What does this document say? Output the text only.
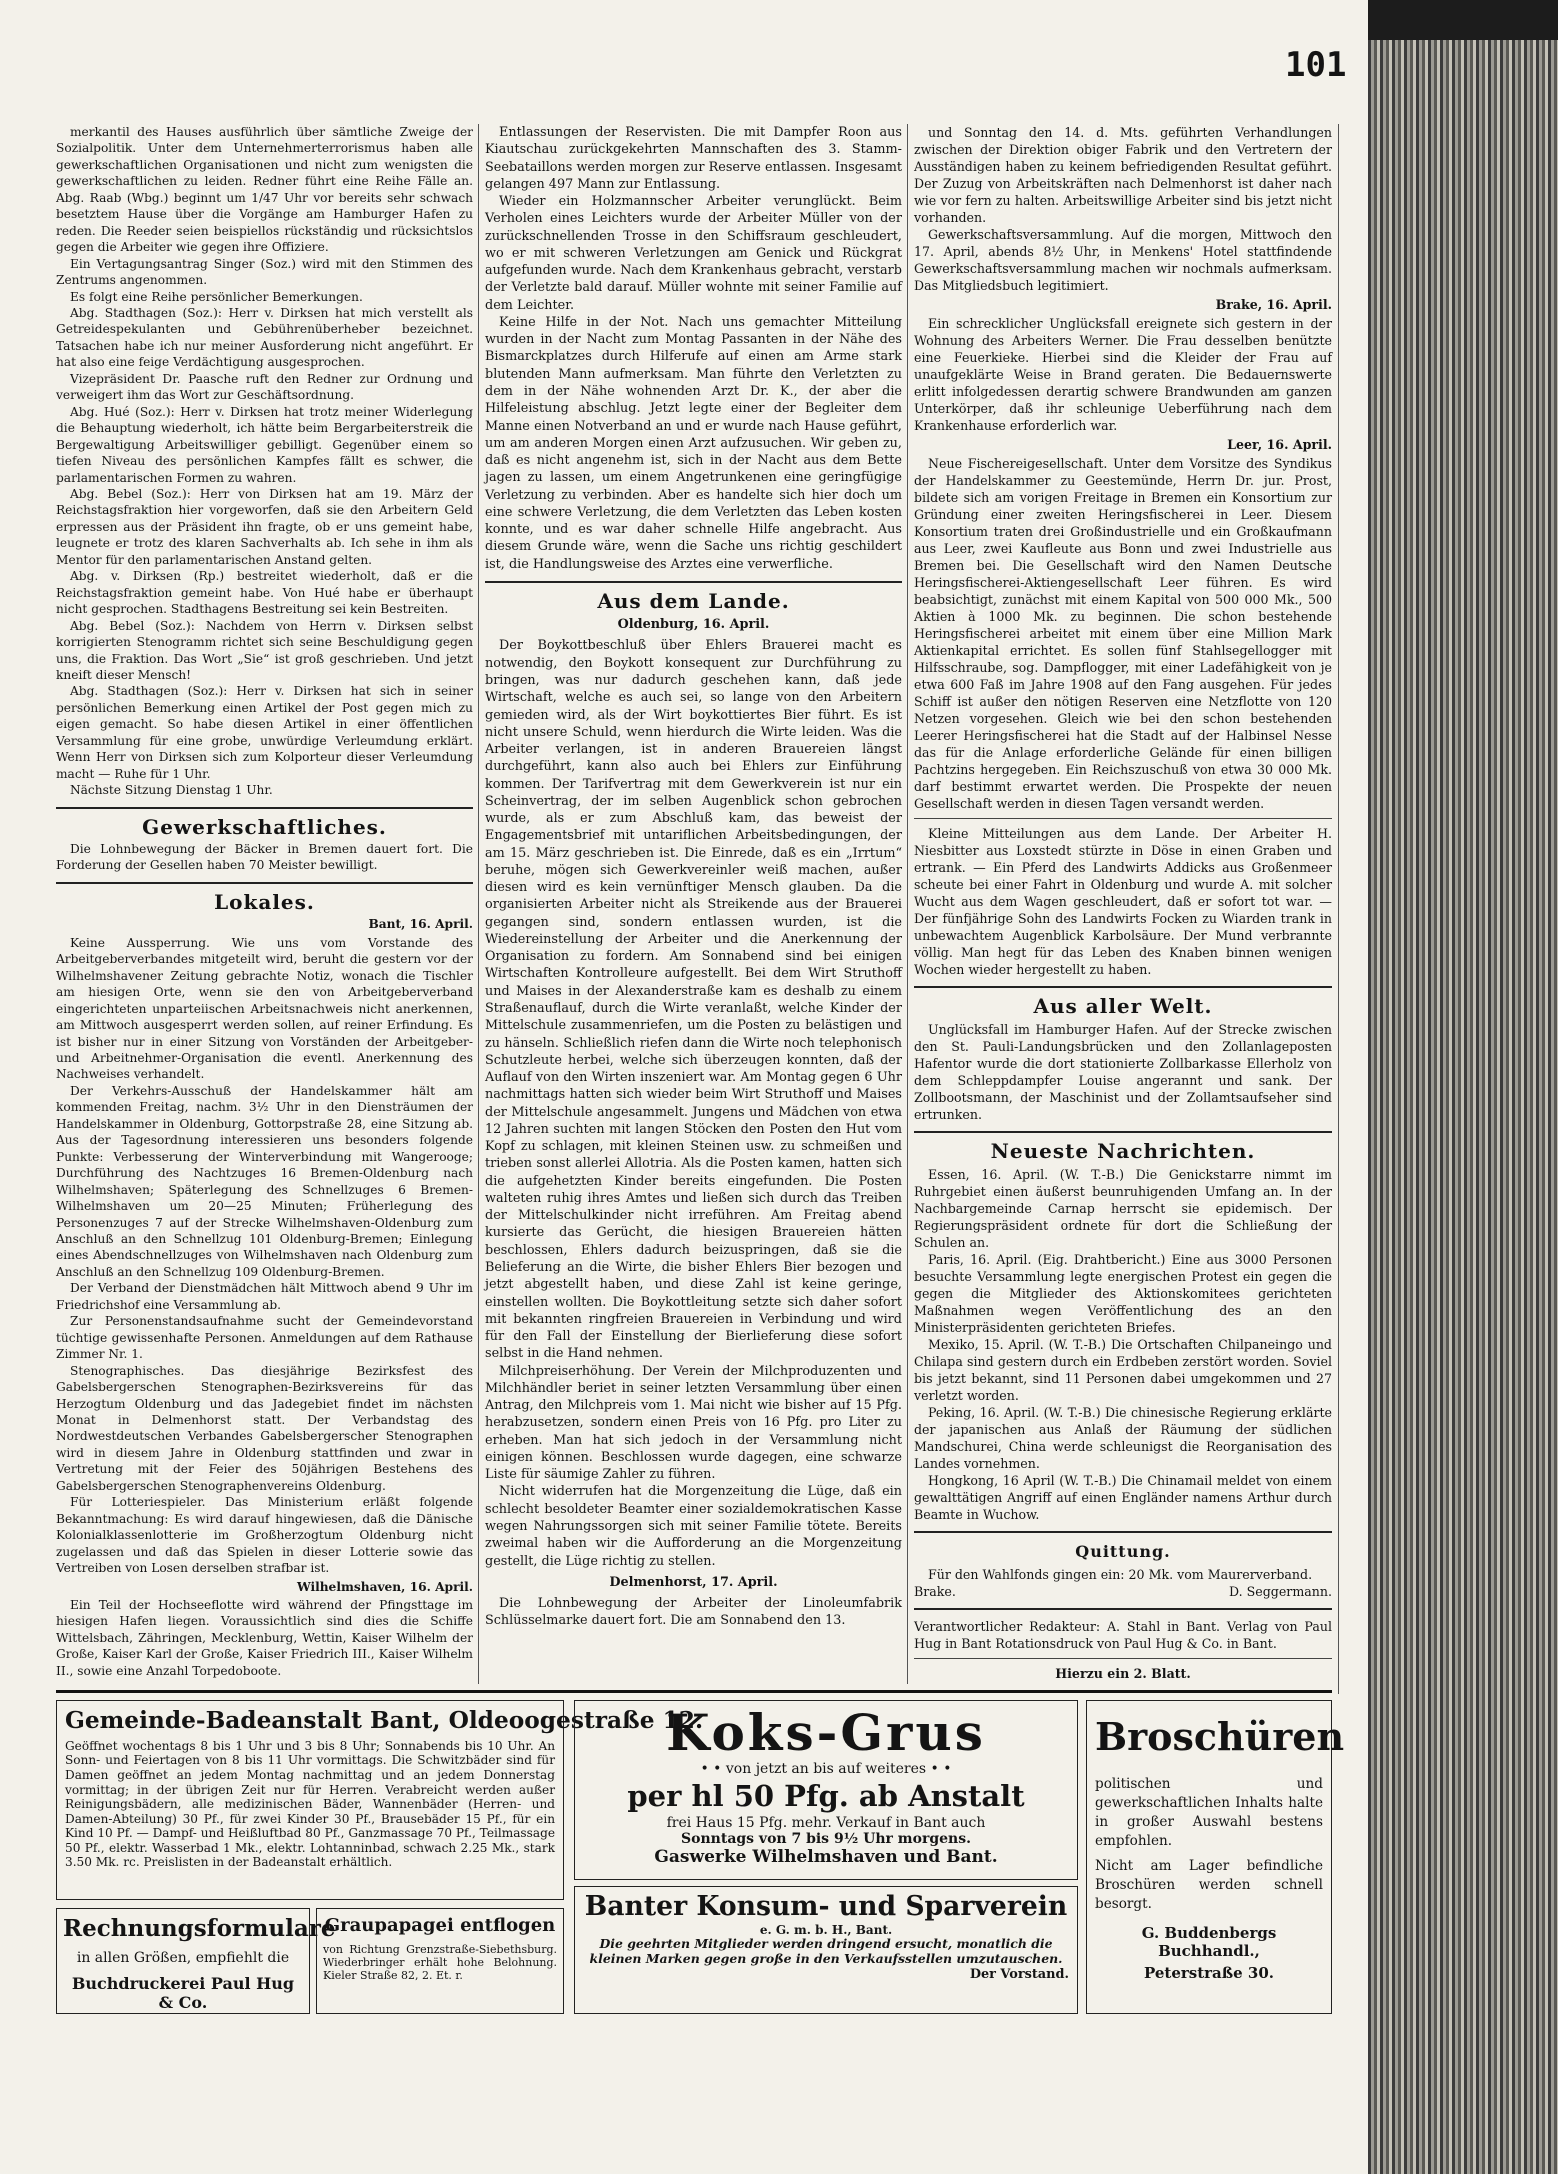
101

merkantil des Hauses ausführlich über sämtliche Zweige der Sozialpolitik. Unter dem Unternehmerterrorismus haben alle gewerkschaftlichen Organisationen und nicht zum wenigsten die gewerkschaftlichen zu leiden. Redner führt eine Reihe Fälle an. Abg. Raab (Wbg.) beginnt um 1/47 Uhr vor bereits sehr schwach besetztem Hause über die Vorgänge am Hamburger Hafen zu reden. Die Reeder seien beispiellos rückständig und rücksichtslos gegen die Arbeiter wie gegen ihre Offiziere.

Ein Vertagungsantrag Singer (Soz.) wird mit den Stimmen des Zentrums angenommen.

Es folgt eine Reihe persönlicher Bemerkungen.

Abg. Stadthagen (Soz.): Herr v. Dirksen hat mich verstellt als Getreidespekulanten und Gebührenüberheber bezeichnet. Tatsachen habe ich nur meiner Ausforderung nicht angeführt. Er hat also eine feige Verdächtigung ausgesprochen.

Vizepräsident Dr. Paasche ruft den Redner zur Ordnung und verweigert ihm das Wort zur Geschäftsordnung.

Abg. Hué (Soz.): Herr v. Dirksen hat trotz meiner Widerlegung die Behauptung wiederholt, ich hätte beim Bergarbeiterstreik die Bergewaltigung Arbeitswilliger gebilligt. Gegenüber einem so tiefen Niveau des persönlichen Kampfes fällt es schwer, die parlamentarischen Formen zu wahren.

Abg. Bebel (Soz.): Herr von Dirksen hat am 19. März der Reichstagsfraktion hier vorgeworfen, daß sie den Arbeitern Geld erpressen aus der Präsident ihn fragte, ob er uns gemeint habe, leugnete er trotz des klaren Sachverhalts ab. Ich sehe in ihm als Mentor für den parlamentarischen Anstand gelten.

Abg. v. Dirksen (Rp.) bestreitet wiederholt, daß er die Reichstagsfraktion gemeint habe. Von Hué habe er überhaupt nicht gesprochen. Stadthagens Bestreitung sei kein Bestreiten.

Abg. Bebel (Soz.): Nachdem von Herrn v. Dirksen selbst korrigierten Stenogramm richtet sich seine Beschuldigung gegen uns, die Fraktion. Das Wort „Sie“ ist groß geschrieben. Und jetzt kneift dieser Mensch!

Abg. Stadthagen (Soz.): Herr v. Dirksen hat sich in seiner persönlichen Bemerkung einen Artikel der Post gegen mich zu eigen gemacht. So habe diesen Artikel in einer öffentlichen Versammlung für eine grobe, unwürdige Verleumdung erklärt. Wenn Herr von Dirksen sich zum Kolporteur dieser Verleumdung macht — Ruhe für 1 Uhr.

Nächste Sitzung Dienstag 1 Uhr.

Gewerkschaftliches.

Die Lohnbewegung der Bäcker in Bremen dauert fort. Die Forderung der Gesellen haben 70 Meister bewilligt.

Lokales.
Bant, 16. April.

Keine Aussperrung. Wie uns vom Vorstande des Arbeitgeberverbandes mitgeteilt wird, beruht die gestern vor der Wilhelmshavener Zeitung gebrachte Notiz, wonach die Tischler am hiesigen Orte, wenn sie den von Arbeitgeberverband eingerichteten unparteiischen Arbeitsnachweis nicht anerkennen, am Mittwoch ausgesperrt werden sollen, auf reiner Erfindung. Es ist bisher nur in einer Sitzung von Vorständen der Arbeitgeber- und Arbeitnehmer-Organisation die eventl. Anerkennung des Nachweises verhandelt.

Der Verkehrs-Ausschuß der Handelskammer hält am kommenden Freitag, nachm. 3½ Uhr in den Diensträumen der Handelskammer in Oldenburg, Gottorpstraße 28, eine Sitzung ab. Aus der Tagesordnung interessieren uns besonders folgende Punkte: Verbesserung der Winterverbindung mit Wangerooge; Durchführung des Nachtzuges 16 Bremen-Oldenburg nach Wilhelmshaven; Späterlegung des Schnellzuges 6 Bremen-Wilhelmshaven um 20—25 Minuten; Früherlegung des Personenzuges 7 auf der Strecke Wilhelmshaven-Oldenburg zum Anschluß an den Schnellzug 101 Oldenburg-Bremen; Einlegung eines Abendschnellzuges von Wilhelmshaven nach Oldenburg zum Anschluß an den Schnellzug 109 Oldenburg-Bremen.

Der Verband der Dienstmädchen hält Mittwoch abend 9 Uhr im Friedrichshof eine Versammlung ab.

Zur Personenstandsaufnahme sucht der Gemeindevorstand tüchtige gewissenhafte Personen. Anmeldungen auf dem Rathause Zimmer Nr. 1.

Stenographisches. Das diesjährige Bezirksfest des Gabelsbergerschen Stenographen-Bezirksvereins für das Herzogtum Oldenburg und das Jadegebiet findet im nächsten Monat in Delmenhorst statt. Der Verbandstag des Nordwestdeutschen Verbandes Gabelsbergerscher Stenographen wird in diesem Jahre in Oldenburg stattfinden und zwar in Vertretung mit der Feier des 50jährigen Bestehens des Gabelsbergerschen Stenographenvereins Oldenburg.

Für Lotteriespieler. Das Ministerium erläßt folgende Bekanntmachung: Es wird darauf hingewiesen, daß die Dänische Kolonialklassenlotterie im Großherzogtum Oldenburg nicht zugelassen und daß das Spielen in dieser Lotterie sowie das Vertreiben von Losen derselben strafbar ist.

Wilhelmshaven, 16. April.

Ein Teil der Hochseeflotte wird während der Pfingsttage im hiesigen Hafen liegen. Voraussichtlich sind dies die Schiffe Wittelsbach, Zähringen, Mecklenburg, Wettin, Kaiser Wilhelm der Große, Kaiser Karl der Große, Kaiser Friedrich III., Kaiser Wilhelm II., sowie eine Anzahl Torpedoboote.

Entlassungen der Reservisten. Die mit Dampfer Roon aus Kiautschau zurückgekehrten Mannschaften des 3. Stamm-Seebataillons werden morgen zur Reserve entlassen. Insgesamt gelangen 497 Mann zur Entlassung.

Wieder ein Holzmannscher Arbeiter verunglückt. Beim Verholen eines Leichters wurde der Arbeiter Müller von der zurückschnellenden Trosse in den Schiffsraum geschleudert, wo er mit schweren Verletzungen am Genick und Rückgrat aufgefunden wurde. Nach dem Krankenhaus gebracht, verstarb der Verletzte bald darauf. Müller wohnte mit seiner Familie auf dem Leichter.

Keine Hilfe in der Not. Nach uns gemachter Mitteilung wurden in der Nacht zum Montag Passanten in der Nähe des Bismarckplatzes durch Hilferufe auf einen am Arme stark blutenden Mann aufmerksam. Man führte den Verletzten zu dem in der Nähe wohnenden Arzt Dr. K., der aber die Hilfeleistung abschlug. Jetzt legte einer der Begleiter dem Manne einen Notverband an und er wurde nach Hause geführt, um am anderen Morgen einen Arzt aufzusuchen. Wir geben zu, daß es nicht angenehm ist, sich in der Nacht aus dem Bette jagen zu lassen, um einem Angetrunkenen eine geringfügige Verletzung zu verbinden. Aber es handelte sich hier doch um eine schwere Verletzung, die dem Verletzten das Leben kosten konnte, und es war daher schnelle Hilfe angebracht. Aus diesem Grunde wäre, wenn die Sache uns richtig geschildert ist, die Handlungsweise des Arztes eine verwerfliche.

Aus dem Lande.
Oldenburg, 16. April.

Der Boykottbeschluß über Ehlers Brauerei macht es notwendig, den Boykott konsequent zur Durchführung zu bringen, was nur dadurch geschehen kann, daß jede Wirtschaft, welche es auch sei, so lange von den Arbeitern gemieden wird, als der Wirt boykottiertes Bier führt. Es ist nicht unsere Schuld, wenn hierdurch die Wirte leiden. Was die Arbeiter verlangen, ist in anderen Brauereien längst durchgeführt, kann also auch bei Ehlers zur Einführung kommen. Der Tarifvertrag mit dem Gewerkverein ist nur ein Scheinvertrag, der im selben Augenblick schon gebrochen wurde, als er zum Abschluß kam, das beweist der Engagementsbrief mit untariflichen Arbeitsbedingungen, der am 15. März geschrieben ist. Die Einrede, daß es ein „Irrtum“ beruhe, mögen sich Gewerkvereinler weiß machen, außer diesen wird es kein vernünftiger Mensch glauben. Da die organisierten Arbeiter nicht als Streikende aus der Brauerei gegangen sind, sondern entlassen wurden, ist die Wiedereinstellung der Arbeiter und die Anerkennung der Organisation zu fordern. Am Sonnabend sind bei einigen Wirtschaften Kontrolleure aufgestellt. Bei dem Wirt Struthoff und Maises in der Alexanderstraße kam es deshalb zu einem Straßenauflauf, durch die Wirte veranlaßt, welche Kinder der Mittelschule zusammenriefen, um die Posten zu belästigen und zu hänseln. Schließlich riefen dann die Wirte noch telephonisch Schutzleute herbei, welche sich überzeugen konnten, daß der Auflauf von den Wirten inszeniert war. Am Montag gegen 6 Uhr nachmittags hatten sich wieder beim Wirt Struthoff und Maises der Mittelschule angesammelt. Jungens und Mädchen von etwa 12 Jahren suchten mit langen Stöcken den Posten den Hut vom Kopf zu schlagen, mit kleinen Steinen usw. zu schmeißen und trieben sonst allerlei Allotria. Als die Posten kamen, hatten sich die aufgehetzten Kinder bereits eingefunden. Die Posten walteten ruhig ihres Amtes und ließen sich durch das Treiben der Mittelschulkinder nicht irreführen. Am Freitag abend kursierte das Gerücht, die hiesigen Brauereien hätten beschlossen, Ehlers dadurch beizuspringen, daß sie die Belieferung an die Wirte, die bisher Ehlers Bier bezogen und jetzt abgestellt haben, und diese Zahl ist keine geringe, einstellen wollten. Die Boykottleitung setzte sich daher sofort mit bekannten ringfreien Brauereien in Verbindung und wird für den Fall der Einstellung der Bierlieferung diese sofort selbst in die Hand nehmen.

Milchpreiserhöhung. Der Verein der Milchproduzenten und Milchhändler beriet in seiner letzten Versammlung über einen Antrag, den Milchpreis vom 1. Mai nicht wie bisher auf 15 Pfg. herabzusetzen, sondern einen Preis von 16 Pfg. pro Liter zu erheben. Man hat sich jedoch in der Versammlung nicht einigen können. Beschlossen wurde dagegen, eine schwarze Liste für säumige Zahler zu führen.

Nicht widerrufen hat die Morgenzeitung die Lüge, daß ein schlecht besoldeter Beamter einer sozialdemokratischen Kasse wegen Nahrungssorgen sich mit seiner Familie tötete. Bereits zweimal haben wir die Aufforderung an die Morgenzeitung gestellt, die Lüge richtig zu stellen.

Delmenhorst, 17. April.

Die Lohnbewegung der Arbeiter der Linoleumfabrik Schlüsselmarke dauert fort. Die am Sonnabend den 13.

und Sonntag den 14. d. Mts. geführten Verhandlungen zwischen der Direktion obiger Fabrik und den Vertretern der Ausständigen haben zu keinem befriedigenden Resultat geführt. Der Zuzug von Arbeitskräften nach Delmenhorst ist daher nach wie vor fern zu halten. Arbeitswillige Arbeiter sind bis jetzt nicht vorhanden.

Gewerkschaftsversammlung. Auf die morgen, Mittwoch den 17. April, abends 8½ Uhr, in Menkens' Hotel stattfindende Gewerkschaftsversammlung machen wir nochmals aufmerksam. Das Mitgliedsbuch legitimiert.

Brake, 16. April.

Ein schrecklicher Unglücksfall ereignete sich gestern in der Wohnung des Arbeiters Werner. Die Frau desselben benützte eine Feuerkieke. Hierbei sind die Kleider der Frau auf unaufgeklärte Weise in Brand geraten. Die Bedauernswerte erlitt infolgedessen derartig schwere Brandwunden am ganzen Unterkörper, daß ihr schleunige Ueberführung nach dem Krankenhause erforderlich war.

Leer, 16. April.

Neue Fischereigesellschaft. Unter dem Vorsitze des Syndikus der Handelskammer zu Geestemünde, Herrn Dr. jur. Prost, bildete sich am vorigen Freitage in Bremen ein Konsortium zur Gründung einer zweiten Heringsfischerei in Leer. Diesem Konsortium traten drei Großindustrielle und ein Großkaufmann aus Leer, zwei Kaufleute aus Bonn und zwei Industrielle aus Bremen bei. Die Gesellschaft wird den Namen Deutsche Heringsfischerei-Aktiengesellschaft Leer führen. Es wird beabsichtigt, zunächst mit einem Kapital von 500 000 Mk., 500 Aktien à 1000 Mk. zu beginnen. Die schon bestehende Heringsfischerei arbeitet mit einem über eine Million Mark Aktienkapital errichtet. Es sollen fünf Stahlsegellogger mit Hilfsschraube, sog. Dampflogger, mit einer Ladefähigkeit von je etwa 600 Faß im Jahre 1908 auf den Fang ausgehen. Für jedes Schiff ist außer den nötigen Reserven eine Netzflotte von 120 Netzen vorgesehen. Gleich wie bei den schon bestehenden Leerer Heringsfischerei hat die Stadt auf der Halbinsel Nesse das für die Anlage erforderliche Gelände für einen billigen Pachtzins hergegeben. Ein Reichszuschuß von etwa 30 000 Mk. darf bestimmt erwartet werden. Die Prospekte der neuen Gesellschaft werden in diesen Tagen versandt werden.

Kleine Mitteilungen aus dem Lande. Der Arbeiter H. Niesbitter aus Loxstedt stürzte in Döse in einen Graben und ertrank. — Ein Pferd des Landwirts Addicks aus Großenmeer scheute bei einer Fahrt in Oldenburg und wurde A. mit solcher Wucht aus dem Wagen geschleudert, daß er sofort tot war. — Der fünfjährige Sohn des Landwirts Focken zu Wiarden trank in unbewachtem Augenblick Karbolsäure. Der Mund verbrannte völlig. Man hegt für das Leben des Knaben binnen wenigen Wochen wieder hergestellt zu haben.

Aus aller Welt.

Unglücksfall im Hamburger Hafen. Auf der Strecke zwischen den St. Pauli-Landungsbrücken und den Zollanlageposten Hafentor wurde die dort stationierte Zollbarkasse Ellerholz von dem Schleppdampfer Louise angerannt und sank. Der Zollbootsmann, der Maschinist und der Zollamtsaufseher sind ertrunken.

Neueste Nachrichten.

Essen, 16. April. (W. T.-B.) Die Genickstarre nimmt im Ruhrgebiet einen äußerst beunruhigenden Umfang an. In der Nachbargemeinde Carnap herrscht sie epidemisch. Der Regierungspräsident ordnete für dort die Schließung der Schulen an.

Paris, 16. April. (Eig. Drahtbericht.) Eine aus 3000 Personen besuchte Versammlung legte energischen Protest ein gegen die gegen die Mitglieder des Aktionskomitees gerichteten Maßnahmen wegen Veröffentlichung des an den Ministerpräsidenten gerichteten Briefes.

Mexiko, 15. April. (W. T.-B.) Die Ortschaften Chilpaneingo und Chilapa sind gestern durch ein Erdbeben zerstört worden. Soviel bis jetzt bekannt, sind 11 Personen dabei umgekommen und 27 verletzt worden.

Peking, 16. April. (W. T.-B.) Die chinesische Regierung erklärte der japanischen aus Anlaß der Räumung der südlichen Mandschurei, China werde schleunigst die Reorganisation des Landes vornehmen.

Hongkong, 16 April (W. T.-B.) Die Chinamail meldet von einem gewalttätigen Angriff auf einen Engländer namens Arthur durch Beamte in Wuchow.

Quittung.

Für den Wahlfonds gingen ein: 20 Mk. vom Maurerverband.

Brake.	D. Seggermann.

Verantwortlicher Redakteur: A. Stahl in Bant. Verlag von Paul Hug in Bant Rotationsdruck von Paul Hug & Co. in Bant.

Hierzu ein 2. Blatt.
Gemeinde-Badeanstalt Bant, Oldeoogestraße 12.
Geöffnet wochentags 8 bis 1 Uhr und 3 bis 8 Uhr; Sonnabends bis 10 Uhr. An Sonn- und Feiertagen von 8 bis 11 Uhr vormittags. Die Schwitzbäder sind für Damen geöffnet an jedem Montag nachmittag und an jedem Donnerstag vormittag; in der übrigen Zeit nur für Herren. Verabreicht werden außer Reinigungsbädern, alle medizinischen Bäder, Wannenbäder (Herren- und Damen-Abteilung) 30 Pf., für zwei Kinder 30 Pf., Brausebäder 15 Pf., für ein Kind 10 Pf. — Dampf- und Heißluftbad 80 Pf., Ganzmassage 70 Pf., Teilmassage 50 Pf., elektr. Wasserbad 1 Mk., elektr. Lohtanninbad, schwach 2.25 Mk., stark 3.50 Mk. rc. Preislisten in der Badeanstalt erhältlich.
Rechnungsformulare
in allen Größen, empfiehlt die
Buchdruckerei Paul Hug & Co.
Graupapagei entflogen
von Richtung Grenzstraße-Siebethsburg. Wiederbringer erhält hohe Belohnung. Kieler Straße 82, 2. Et. r.
Koks-Grus
• • von jetzt an bis auf weiteres • •
per hl 50 Pfg. ab Anstalt
frei Haus 15 Pfg. mehr. Verkauf in Bant auch
Sonntags von 7 bis 9½ Uhr morgens.
Gaswerke Wilhelmshaven und Bant.
Banter Konsum- und Sparverein
e. G. m. b. H., Bant.
Die geehrten Mitglieder werden dringend ersucht, monatlich die kleinen Marken gegen große in den Verkaufsstellen umzutauschen.
Der Vorstand.
Broschüren
politischen und gewerkschaftlichen Inhalts halte in großer Auswahl bestens empfohlen.
Nicht am Lager befindliche Broschüren werden schnell besorgt.
G. Buddenbergs Buchhandl.,
Peterstraße 30.
